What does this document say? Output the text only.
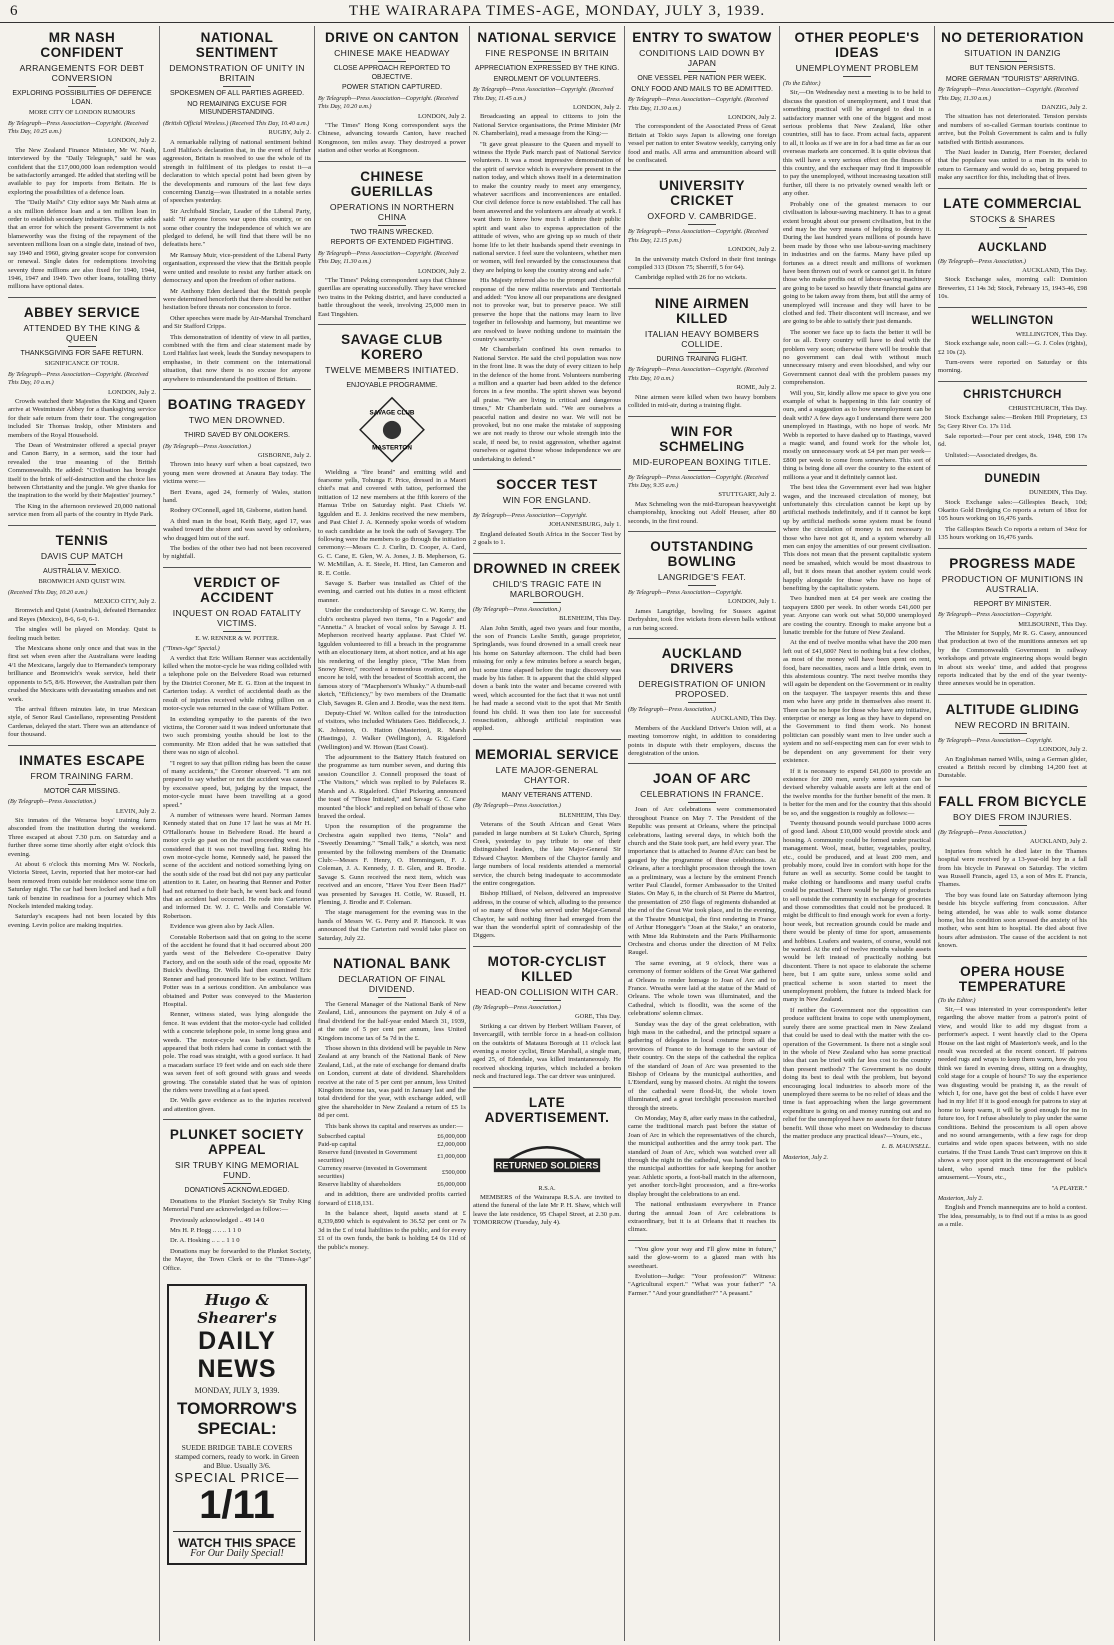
6	THE WAIRARAPA TIMES-AGE, MONDAY, JULY 3, 1939.
MR NASH CONFIDENT
ARRANGEMENTS FOR DEBT CONVERSION
EXPLORING POSSIBILITIES OF DEFENCE LOAN.
MORE CITY OF LONDON RUMOURS
By Telegraph—Press Association—Copyright. (Received This Day, 10.25 a.m.)
LONDON, July 2.

The New Zealand Finance Minister, Mr W. Nash, interviewed by the "Daily Telegraph," said he was confident that the £17,000,000 loan redemption would be satisfactorily arranged. He added that sterling will be available to pay for imports from Britain. He is exploring the possibilities of a defence loan.

The "Daily Mail's" City editor says Mr Nash aims at a six million defence loan and a ten million loan in order to establish secondary industries. The writer adds that an error for which the present Government is not blameworthy was the fixing of the repayment of the seventeen millions loan on a single date, instead of two, say 1940 and 1960, giving greater scope for conversion or renewal. Single dates for redemptions involving seventy three millions are also fixed for 1940, 1944, 1946, 1947 and 1949. Two other loans, totalling thirty millions have optional dates.

ABBEY SERVICE
ATTENDED BY THE KING & QUEEN
THANKSGIVING FOR SAFE RETURN.
SIGNIFICANCE OF TOUR.
By Telegraph—Press Association—Copyright. (Received This Day, 10 a.m.)
LONDON, July 2.

Crowds watched their Majesties the King and Queen arrive at Westminster Abbey for a thanksgiving service for their safe return from their tour. The congregation included Sir Thomas Inskip, other Ministers and members of the Royal Household.

The Dean of Westminster offered a special prayer and Canon Barry, in a sermon, said the tour had revealed the true meaning of the British Commonwealth. He added: "Civilisation has brought itself to the brink of self-destruction and the choice lies between Christianity and the jungle. We give thanks for the inspiration to the world by their Majesties' journey."

The King in the afternoon reviewed 20,000 national service men from all parts of the country in Hyde Park.

TENNIS
DAVIS CUP MATCH
AUSTRALIA V. MEXICO.
BROMWICH AND QUIST WIN.
(Received This Day, 10.20 a.m.)
MEXICO CITY, July 2.

Bromwich and Quist (Australia), defeated Hernandez and Reyes (Mexico), 8-6, 6-0, 6-1.

The singles will be played on Monday. Quist is feeling much better.

The Mexicans shone only once and that was in the first set when even after the Australians were leading 4/1 the Mexicans, largely due to Hernandez's temporary brilliance and Bromwich's weak service, held their opponents to 5/5, 8/6. However, the Australian pair then crushed the Mexicans with devastating smashes and net work.

The arrival fifteen minutes late, in true Mexican style, of Senor Raul Castellano, representing President Cardenas, delayed the start. There was an attendance of four thousand.

INMATES ESCAPE
FROM TRAINING FARM.
MOTOR CAR MISSING.
(By Telegraph—Press Association.)
LEVIN, July 2.

Six inmates of the Weraroa boys' training farm absconded from the institution during the weekend. Three escaped at about 7.30 p.m. on Saturday and a further three some time shortly after eight o'clock this evening.

At about 6 o'clock this morning Mrs W. Nockels, Victoria Street, Levin, reported that her motor-car had been removed from outside her residence some time on Saturday night. The car had been locked and had a full tank of benzine in readiness for a journey which Mrs Nockels intended making today.

Saturday's escapees had not been located by this evening. Levin police are making inquiries.

NATIONAL SENTIMENT
DEMONSTRATION OF UNITY IN BRITAIN
SPOKESMEN OF ALL PARTIES AGREED.
NO REMAINING EXCUSE FOR MISUNDERSTANDING.
(British Official Wireless.) (Received This Day, 10.40 a.m.)
RUGBY, July 2.

A remarkable rallying of national sentiment behind Lord Halifax's declaration that, in the event of further aggression, Britain is resolved to use the whole of its strength in fulfilment of its pledges to resist it—a declaration to which special point had been given by the developments and rumours of the last few days concerning Danzig—was illustrated in a notable series of speeches yesterday.

Sir Archibald Sinclair, Leader of the Liberal Party, said: "If anyone forces war upon this country, or on some other country the independence of which we are pledged to defend, he will find that there will be no defeatists here."

Mr Ramsay Muir, vice-president of the Liberal Party organisation, expressed the view that the British people were united and resolute to resist any further attack on democracy and upon the freedom of other nations.

Mr Anthony Eden declared that the British people were determined henceforth that there should be neither hesitation before threats nor concession to force.

Other speeches were made by Air-Marshal Trenchard and Sir Stafford Cripps.

This demonstration of identity of view in all parties, combined with the firm and clear statement made by Lord Halifax last week, leads the Sunday newspapers to emphasise, in their comment on the international situation, that now there is no excuse for anyone anywhere to misunderstand the position of Britain.

BOATING TRAGEDY
TWO MEN DROWNED.
THIRD SAVED BY ONLOOKERS.
(By Telegraph—Press Association.)
GISBORNE, July 2.

Thrown into heavy surf when a boat capsized, two young men were drowned at Anaura Bay today. The victims were:—

Bert Evans, aged 24, formerly of Wales, station hand.

Rodney O'Connell, aged 18, Gisborne, station hand.

A third man in the boat, Keith Baty, aged 17, was washed toward the shore and was saved by onlookers, who dragged him out of the surf.

The bodies of the other two had not been recovered by nightfall.

VERDICT OF ACCIDENT
INQUEST ON ROAD FATALITY VICTIMS.
E. W. RENNER & W. POTTER.
("Times-Age" Special.)

A verdict that Eric William Renner was accidentally killed when the motor-cycle he was riding collided with a telephone pole on the Belvedere Road was returned by the District Coroner, Mr E. G. Eton at the inquest in Carterton today. A verdict of accidental death as the result of injuries received while riding pillion on a motor-cycle was returned in the case of William Potter.

In extending sympathy to the parents of the two victims, the Coroner said it was indeed unfortunate that two such promising youths should be lost to the community. Mr Eton added that he was satisfied that there was no sign of alcohol.

"I regret to say that pillion riding has been the cause of many accidents," the Coroner observed. "I am not prepared to say whether or not the accident was caused by excessive speed, but, judging by the impact, the motor-cycle must have been travelling at a good speed."

A number of witnesses were heard. Norman James Kennedy stated that on June 17 last he was at Mr H. O'Halloran's house in Belvedere Road. He heard a motor cycle go past on the road proceeding west. He considered that it was not travelling fast. Riding his own motor-cycle home, Kennedy said, he passed the scene of the accident and noticed something lying on the south side of the road but did not pay any particular attention to it. Later, on hearing that Renner and Potter had not returned to their bach, he went back and found that an accident had occurred. He rode into Carterton and informed Dr. W. J. C. Wells and Constable W. Robertson.

Evidence was given also by Jack Allen.

Constable Robertson said that on going to the scene of the accident he found that it had occurred about 200 yards west of the Belvedere Co-operative Dairy Factory, and on the south side of the road, opposite Mr Buick's dwelling. Dr. Wells had then examined Eric Renner and had pronounced life to be extinct. William Potter was in a serious condition. An ambulance was obtained and Potter was conveyed to the Masterton Hospital.

Renner, witness stated, was lying alongside the fence. It was evident that the motor-cycle had collided with a concrete telephone pole, in some long grass and weeds. The motor-cycle was badly damaged. It appeared that both riders had come in contact with the pole. The road was straight, with a good surface. It had a macadam surface 19 feet wide and on each side there was seven feet of soft ground with grass and weeds growing. The constable stated that he was of opinion the riders were travelling at a fast speed.

Dr. Wells gave evidence as to the injuries received and attention given.

PLUNKET SOCIETY APPEAL
SIR TRUBY KING MEMORIAL FUND.
DONATIONS ACKNOWLEDGED.

Donations to the Plunket Society's Sir Truby King Memorial Fund are acknowledged as follow:—

Previously acknowledged .. 49 14 0

Mrs H. P. Hogg .. .. .. 1 1 0

Dr. A. Hosking .. .. .. 1 1 0

Donations may be forwarded to the Plunket Society, the Mayor, the Town Clerk or to the "Times-Age" Office.

Hugo & Shearer's
DAILY NEWS
MONDAY, JULY 3, 1939.
TOMORROW'S SPECIAL:
SUEDE BRIDGE TABLE COVERS stamped corners, ready to work. in Green and Blue. Usually 3/6.
SPECIAL PRICE—
1/11
WATCH THIS SPACE
For Our Daily Special!
DRIVE ON CANTON
CHINESE MAKE HEADWAY
CLOSE APPROACH REPORTED TO OBJECTIVE.
POWER STATION CAPTURED.
By Telegraph—Press Association—Copyright. (Received This Day, 10.20 a.m.)
LONDON, July 2.

"The Times" Hong Kong correspondent says the Chinese, advancing towards Canton, have reached Kongmoon, ten miles away. They destroyed a power station and other works at Kongmoon.

CHINESE GUERILLAS
OPERATIONS IN NORTHERN CHINA
TWO TRAINS WRECKED.
REPORTS OF EXTENDED FIGHTING.
By Telegraph—Press Association—Copyright. (Received This Day, 11.30 a.m.)
LONDON, July 2.

"The Times" Peking correspondent says that Chinese guerillas are operating successfully. They have wrecked two trains in the Peking district, and have conducted a battle throughout the week, involving 25,000 men in East Tingshien.

SAVAGE CLUB KORERO
TWELVE MEMBERS INITIATED.
ENJOYABLE PROGRAMME.
SAVAGE CLUB
MASTERTON

Wielding a "fire brand" and emitting wild and fearsome yells, Tohunga F. Price, dressed in a Maori chief's mat and covered with tattoo, performed the initiation of 12 new members at the fifth korero of the Hamua Tribe on Saturday night. Past Chiefs W. Iggulden and E. J. Jenkins received the new members, and Past Chief J. A. Kennedy spoke words of wisdom to each candidate as he took the oath of Savagery. The following were the members to go through the initiation ceremony:—Messrs C. J. Curlin, D. Cooper, A. Card, G. C. Cane, E. Glen, W. A. Jones, J. B. Mepherson, G. W. McMillan, A. E. Steele, H. Hirst, Ian Cameron and R. E. Cottle.

Savage S. Barber was installed as Chief of the evening, and carried out his duties in a most efficient manner.

Under the conductorship of Savage C. W. Kerry, the club's orchestra played two items, "In a Pagoda" and "Annetta." A bracket of vocal solos by Savage J. H. Mepherson received hearty applause. Past Chief W. Iggulden volunteered to fill a breach in the programme with an elocutionary item, at short notice, and at his age his rendering of the lengthy piece, "The Man from Snowy River," received a tremendous ovation, and an encore he told, with the broadest of Scottish accent, the famous story of "Macpherson's Whusky." A thumb-nail sketch, "Efficiency," by two members of the Dramatic Club, Savages R. Glen and J. Brodie, was the next item.

Deputy-Chief W. Wilton called for the introduction of visitors, who included Whitaters Geo. Biddlecock, J. K. Johnston, O. Hatton (Masterton), R. Marsh (Hastings), J. Walker (Wellington), A. Rigaleford (Wellington) and W. Howan (East Coast).

The adjournment to the Battery Hatch featured on the programme as turn number seven, and during this session Councillor J. Connell proposed the toast of "The Visitors," which was replied to by Palefaces R. Marsh and A. Rigaleford. Chief Pickering announced the toast of "Those Initiated," and Savage G. C. Cane mounted "the block" and replied on behalf of those who braved the ordeal.

Upon the resumption of the programme the Orchestra again supplied two items, "Nola" and "Sweetly Dreaming." "Small Talk," a sketch, was next presented by the following members of the Dramatic Club:—Messrs F. Henry, O. Hemmingsen, F. J. Coleman, J. A. Kennedy, J. E. Glen, and R. Brodie. Savage S. Gunn received the next item, which was received and an encore, "Have You Ever Been Had?" was presented by Savages H. Cottle, W. Russell, H. Fleming, J. Brodie and F. Coleman.

The stage management for the evening was in the hands of Messrs W. G. Perry and P. Hancock. It was announced that the Carterton raid would take place on Saturday, July 22.

NATIONAL BANK
DECLARATION OF FINAL DIVIDEND.

The General Manager of the National Bank of New Zealand, Ltd., announces the payment on July 4 of a final dividend for the half-year ended March 31, 1939, at the rate of 5 per cent per annum, less United Kingdom income tax of 5s 7d in the £.

Those shown in this dividend will be payable in New Zealand at any branch of the National Bank of New Zealand, Ltd., at the rate of exchange for demand drafts on London, current at date of dividend. Shareholders receive at the rate of 5 per cent per annum, less United Kingdom income tax, was paid in January last and the total dividend for the year, with exchange added, will give the shareholder in New Zealand a return of £5 1s 8d per cent.

This bank shows its capital and reserves as under:—

Subscribed capital	£6,000,000
Paid-up capital	£2,000,000
Reserve fund (invested in Government securities)	£1,000,000
Currency reserve (invested in Government securities)	£500,000
Reserve liability of shareholders	£6,000,000

and in addition, there are undivided profits carried forward of £118,131.

In the balance sheet, liquid assets stand at £ 8,339,890 which is equivalent to 36.52 per cent or 7s 3d in the £ of total liabilities to the public, and for every £1 of its own funds, the bank is holding £4 0s 11d of the public's money.

NATIONAL SERVICE
FINE RESPONSE IN BRITAIN
APPRECIATION EXPRESSED BY THE KING.
ENROLMENT OF VOLUNTEERS.
By Telegraph—Press Association—Copyright. (Received This Day, 11.45 a.m.)
LONDON, July 2.

Broadcasting an appeal to citizens to join the National Service organisations, the Prime Minister (Mr N. Chamberlain), read a message from the King:—

"It gave great pleasure to the Queen and myself to witness the Hyde Park march past of National Service volunteers. It was a most impressive demonstration of the spirit of service which is everywhere present in the nation today, and which shows itself in a determination to make the country ready to meet any emergency, whatever sacrifices and inconveniences are entailed. Our civil defence force is now established. The call has been answered and the volunteers are already at work. I want them to know how much I admire their public spirit and want also to express appreciation of the attitude of wives, who are giving up so much of their home life to let their husbands spend their evenings in national service. I feel sure the volunteers, whether men or women, will feel rewarded by the consciousness that they are helping to keep the country strong and safe."

His Majesty referred also to the prompt and cheerful response of the new militia reservists and Territorials and added: "You know all our preparations are designed not to provoke war, but to preserve peace. We still preserve the hope that the nations may learn to live together in fellowship and harmony, but meantime we are resolved to leave nothing undone to maintain the country's security."

Mr Chamberlain confined his own remarks to National Service. He said the civil population was now in the front line. It was the duty of every citizen to help in the defence of the home front. Volunteers numbering a million and a quarter had been added to the defence forces in a few months. The spirit shown was beyond all praise. "We are living in critical and dangerous times," Mr Chamberlain said. "We are ourselves a peaceful nation and desire no war. We will not be provoked, but no one make the mistake of supposing we are not ready to throw our whole strength into the scale, if need be, to resist aggression, whether against ourselves or against those whose independence we are undertaking to defend."

SOCCER TEST
WIN FOR ENGLAND.
By Telegraph—Press Association—Copyright.
JOHANNESBURG, July 1.

England defeated South Africa in the Soccer Test by 2 goals to 1.

DROWNED IN CREEK
CHILD'S TRAGIC FATE IN MARLBOROUGH.
(By Telegraph—Press Association.)
BLENHEIM, This Day.

Alan John Smith, aged two years and four months, the son of Francis Leslie Smith, garage proprietor, Springlands, was found drowned in a small creek near his home on Saturday afternoon. The child had been missing for only a few minutes before a search began, but some time elapsed before the tragic discovery was made by his father. It is apparent that the child slipped down a bank into the water and became covered with weed, which accounted for the fact that it was not until he had made a second visit to the spot that Mr Smith found his child. It was then too late for successful resuscitation, although artificial respiration was applied.

MEMORIAL SERVICE
LATE MAJOR-GENERAL CHAYTOR.
MANY VETERANS ATTEND.
(By Telegraph—Press Association.)
BLENHEIM, This Day.

Veterans of the South African and Great Wars paraded in large numbers at St Luke's Church, Spring Creek, yesterday to pay tribute to one of their distinguished leaders, the late Major-General Sir Edward Chaytor. Members of the Chaytor family and large numbers of local residents attended a memorial service, the church being inadequate to accommodate the entire congregation.

Bishop Hilliard, of Nelson, delivered an impressive address, in the course of which, alluding to the presence of so many of those who served under Major-General Chaytor, he said nothing finer had emerged from the war than the wonderful spirit of comradeship of the Diggers.

MOTOR-CYCLIST KILLED
HEAD-ON COLLISION WITH CAR.
(By Telegraph—Press Association.)
GORE, This Day.

Striking a car driven by Herbert William Feaver, of Invercargill, with terrible force in a head-on collision on the outskirts of Mataura Borough at 11 o'clock last evening a motor cyclist, Bruce Marshall, a single man, aged 25, of Edendale, was killed instantaneously. He received shocking injuries, which included a broken neck and fractured legs. The car driver was uninjured.

LATE ADVERTISEMENT.
RETURNED SOLDIERS
R.S.A.

MEMBERS of the Wairarapa R.S.A. are invited to attend the funeral of the late Mr P. H. Shaw, which will leave the late residence, 95 Chapel Street, at 2.30 p.m. TOMORROW (Tuesday, July 4).

ENTRY TO SWATOW
CONDITIONS LAID DOWN BY JAPAN
ONE VESSEL PER NATION PER WEEK.
ONLY FOOD AND MAILS TO BE ADMITTED.
By Telegraph—Press Association—Copyright. (Received This Day, 11.30 a.m.)
LONDON, July 2.

The correspondent of the Associated Press of Great Britain at Tokio says Japan is allowing one foreign vessel per nation to enter Swatow weekly, carrying only food and mails. All arms and ammunition aboard will be confiscated.

UNIVERSITY CRICKET
OXFORD V. CAMBRIDGE.
By Telegraph—Press Association—Copyright. (Received This Day, 12.15 p.m.)
LONDON, July 2.

In the university match Oxford in their first innings compiled 313 (Dixon 75; Sherriff, 5 for 64).

Cambridge replied with 26 for no wickets.

NINE AIRMEN KILLED
ITALIAN HEAVY BOMBERS COLLIDE.
DURING TRAINING FLIGHT.
By Telegraph—Press Association—Copyright. (Received This Day, 10 a.m.)
ROME, July 2.

Nine airmen were killed when two heavy bombers collided in mid-air, during a training flight.

WIN FOR SCHMELING
MID-EUROPEAN BOXING TITLE.
By Telegraph—Press Association—Copyright. (Received This Day, 9.35 a.m.)
STUTTGART, July 2.

Max Schmeling won the mid-European heavyweight championship, knocking out Adolf Heuser, after 80 seconds, in the first round.

OUTSTANDING BOWLING
LANGRIDGE'S FEAT.
By Telegraph—Press Association—Copyright.
LONDON, July 1.

James Langridge, bowling for Sussex against Derbyshire, took five wickets from eleven balls without a run being scored.

AUCKLAND DRIVERS
DEREGISTRATION OF UNION PROPOSED.
(By Telegraph—Press Association.)
AUCKLAND, This Day.

Members of the Auckland Driver's Union will, at a meeting tomorrow night, in addition to considering points in dispute with their employers, discuss the deregistration of the union.

JOAN OF ARC
CELEBRATIONS IN FRANCE.

Joan of Arc celebrations were commemorated throughout France on May 7. The President of the Republic was present at Orleans, where the principal celebrations, lasting several days, in which both the church and the State took part, are held every year. The importance that is attached to Jeanne d'Arc can best be gauged by the programme of these celebrations. At Orleans, after a torchlight procession through the town as a preliminary, was a lecture by the eminent French writer Paul Claudel, former Ambassador to the United States. On May 6, in the church of St Pierre du Martroi, the presentation of 250 flags of regiments disbanded at the end of the Great War took place, and in the evening, at the Theatre Municipal, the first rendering in France of Arthur Honegger's "Joan at the Stake," an oratorio, with Mme Ida Rubinstein and the Paris Philharmonic Orchestra and chorus under the direction of M Felix Raugel.

The same evening, at 9 o'clock, there was a ceremony of former soldiers of the Great War gathered at Orleans to render homage to Joan of Arc and to France. Wreaths were laid at the statue of the Maid of Orleans. The whole town was illuminated, and the Cathedral, which is floodlit, was the scene of the celebrations' solemn climax.

Sunday was the day of the great celebration, with high mass in the cathedral, and the principal square a gathering of delegates in local costume from all the provinces of France to do homage to the saviour of their country. On the steps of the cathedral the replica of the standard of Joan of Arc was presented to the Bishop of Orleans by the municipal authorities, and L'Etendard, sung by massed choirs. At night the towers of the cathedral were flood-lit, the whole town illuminated, and a great torchlight procession marched through the streets.

On Monday, May 8, after early mass in the cathedral, came the traditional march past before the statue of Joan of Arc in which the representatives of the church, the municipal authorities and the army took part. The standard of Joan of Arc, which was watched over all through the night in the cathedral, was handed back to the municipal authorities for safe keeping for another year. Athletic sports, a foot-ball match in the afternoon, yet another torch-light procession, and a fire-works display brought the celebrations to an end.

The national enthusiasm everywhere in France during the annual Joan of Arc celebrations is extraordinary, but it is at Orleans that it reaches its climax.

"You glow your way and I'll glow mine in future," said the glow-worm to a glazed man with his sweetheart.

Evolution—Judge: "Your profession?" Witness: "Agricultural expert." "What was your father?" "A Farmer." "And your grandfather?" "A peasant."

OTHER PEOPLE'S IDEAS
UNEMPLOYMENT PROBLEM
(To the Editor.)

Sir,—On Wednesday next a meeting is to be held to discuss the question of unemployment, and I trust that something practical will be arranged to deal in a satisfactory manner with one of the biggest and most serious problems that New Zealand, like other countries, still has to face. From actual facts, apparent to all, it looks as if we are in for a bad time as far as our overseas markets are concerned. It is quite obvious that this will have a very serious effect on the finances of this country, and the exchequer may find it impossible to pay the unemployed, without increasing taxation still further, till there is no privately owned wealth left or any other.

Probably one of the greatest menaces to our civilisation is labour-saving machinery. It has to a great extent brought about our present civilisation, but in the end may be the very means of helping to destroy it. During the last hundred years millions of pounds have been made by those who use labour-saving machinery in industries and on the farms. Many have piled up fortunes as a direct result and millions of workmen have been thrown out of work or cannot get it. In future those who make profits out of labour-saving machinery are going to be taxed so heavily their financial gains are going to be taken away from them, but still the army of unemployed will increase and they will have to be clothed and fed. Their discontent will increase, and we are going to be able to satisfy their just demands.

The sooner we face up to facts the better it will be for us all. Every country will have to deal with the problem very soon; otherwise there will be trouble that no government can deal with without much unnecessary misery and even bloodshed, and why our Government cannot deal with the problem passes my comprehension.

Will you, Sir, kindly allow me space to give you one example of what is happening in this fair country of ours, and a suggestion as to how unemployment can be dealt with? A few days ago I understand there were 200 unemployed in Hastings, with no hope of work. Mr Webb is reported to have dashed up to Hastings, waved a magic wand, and found work for the whole lot, mostly on unnecessary work at £4 per man per week—£800 per week to come from somewhere. This sort of thing is being done all over the country to the extent of millions a year and it definitely cannot last.

The best idea the Government ever had was higher wages, and the increased circulation of money, but unfortunately this circulation cannot be kept up by artificial methods indefinitely, and if it cannot be kept up by artificial methods some system must be found where the circulation of money is not necessary to those who have not got it, and a system whereby all men can enjoy the amenities of our present civilisation. This does not mean that the present capitalistic system need be smashed, which would be most disastrous to all, but it does mean that another system could work happily alongside for those who have no hope of benefiting by the capitalistic system.

Two hundred men at £4 per week are costing the taxpayers £800 per week. In other words £41,600 per year. Anyone can work out what 50,000 unemployed are costing the country. Enough to make anyone but a lunatic tremble for the future of New Zealand.

At the end of twelve months what have the 200 men left out of £41,600? Next to nothing but a few clothes, as most of the money will have been spent on rent, food, bare necessities, races and a little drink, even in this abstemious country. The next twelve months they will again be dependent on the Government or in reality on the taxpayer. The taxpayer resents this and these men who have any pride in themselves also resent it. There can be no hope for those who have any initiative, enterprise or energy as long as they have to depend on the Government to find them work. No honest politician can possibly want men to live under such a system and no self-respecting men can for ever wish to be dependent on any government for their very existence.

If it is necessary to expend £41,600 to provide an existence for 200 men, surely some system can be devised whereby valuable assets are left at the end of the twelve months for the further benefit of the men. It is better for the men and for the country that this should be so, and the suggestion is roughly as follows:—

Twenty thousand pounds would purchase 1000 acres of good land. About £10,000 would provide stock and housing. A community could be formed under practical management. Wool, meat, butter, vegetables, poultry, etc., could be produced, and at least 200 men, and probably more, could live in comfort with hope for the future as well as security. Some could be taught to make clothing or handlooms and many useful crafts could be practised. There would be plenty of products to sell outside the community in exchange for groceries and those commodities that could not be produced. It might be difficult to find enough work for even a forty-hour week, but recreation grounds could be made and there would be plenty of time for sport, amusements and hobbies. Loafers and wasters, of course, would not be wanted. At the end of twelve months valuable assets would be left instead of practically nothing but discontent. There is not space to elaborate the scheme here, but I am quite sure, unless some solid and practical scheme is soon started to meet the unemployment problem, the future is indeed black for many in New Zealand.

If neither the Government nor the opposition can produce sufficient brains to cope with unemployment, surely there are some practical men in New Zealand that could be used to deal with the matter with the co-operation of the Government. Is there not a single soul in the whole of New Zealand who has some practical idea that can be tried with far less cost to the country than present methods? The Government is no doubt doing its best to deal with the problem, but beyond encouraging local industries to absorb more of the unemployed there seems to be no relief of ideas and the time is fast approaching when the large government expenditure is going on and money running out and no relief for the unemployed have no assets for their future benefit. Will those who meet on Wednesday to discuss the matter produce any practical ideas?—Yours, etc.,

L. B. MAUNSELL.
Masterton, July 2.
NO DETERIORATION
SITUATION IN DANZIG
BUT TENSION PERSISTS.
MORE GERMAN "TOURISTS" ARRIVING.
By Telegraph—Press Association—Copyright. (Received This Day, 11.30 a.m.)
DANZIG, July 2.

The situation has not deteriorated. Tension persists and numbers of so-called German tourists continue to arrive, but the Polish Government is calm and is fully satisfied with British assurances.

The Nazi leader in Danzig, Herr Foerster, declared that the populace was united to a man in its wish to return to Germany and would do so, being prepared to make any sacrifice for this, including that of lives.

LATE COMMERCIAL
STOCKS & SHARES
AUCKLAND
(By Telegraph—Press Association.)
AUCKLAND, This Day.

Stock Exchange sales, morning call: Dominion Breweries, £1 14s 3d; Stock, February 15, 1943-46, £98 10s.

WELLINGTON
WELLINGTON, This Day.

Stock exchange sale, noon call:—G. J. Coles (rights), £2 10s (2).

Turn-overs were reported on Saturday or this morning.

CHRISTCHURCH
CHRISTCHURCH, This Day.

Stock Exchange sales:—Broken Hill Proprietary, £3 5s; Grey River Co. 17s 11d.

Sale reported:—Four per cent stock, 1948, £98 17s 6d.

Unlisted:—Associated dredges, 8s.

DUNEDIN
DUNEDIN, This Day.

Stock Exchange sales:—Gillespies Beach, 10d; Okarito Gold Dredging Co reports a return of 18oz for 105 hours working on 16,476 yards.

The Gillespies Beach Co reports a return of 34oz for 135 hours working on 16,476 yards.

PROGRESS MADE
PRODUCTION OF MUNITIONS IN AUSTRALIA.
REPORT BY MINISTER.
By Telegraph—Press Association—Copyright.
MELBOURNE, This Day.

The Minister for Supply, Mr R. G. Casey, announced that production at two of the munitions annexes set up by the Commonwealth Government in railway workshops and private engineering shops would begin in about six weeks' time, and added that progress reports indicated that by the end of the year twenty-three annexes would be in operation.

ALTITUDE GLIDING
NEW RECORD IN BRITAIN.
By Telegraph—Press Association—Copyright.
LONDON, July 2.

An Englishman named Wills, using a German glider, created a British record by climbing 14,200 feet at Dunstable.

FALL FROM BICYCLE
BOY DIES FROM INJURIES.
(By Telegraph—Press Association.)
AUCKLAND, July 2.

Injuries from which he died later in the Thames hospital were received by a 13-year-old boy in a fall from his bicycle in Parawai on Saturday. The victim was Russell Francis, aged 13, a son of Mrs E. Francis, Thames.

The boy was found late on Saturday afternoon lying beside his bicycle suffering from concussion. After being attended, he was able to walk some distance home, but his condition soon aroused the anxiety of his mother, who sent him to hospital. He died about five hours after admission. The cause of the accident is not known.

OPERA HOUSE TEMPERATURE
(To the Editor.)

Sir,—I was interested in your correspondent's letter regarding the above matter from a patron's point of view, and would like to add my disgust from a performer's aspect. I went heavily clad to the Opera House on the last night of Masterton's week, and lo the result was recorded at the recent concert. If patrons needed rugs and wraps to keep them warm, how do you think we fared in evening dress, sitting on a draughty, cold stage for a couple of hours? To say the experience was disgusting would be praising it, as the result of which I, for one, have got the best of colds I have ever had in my life! If it is good enough for patrons to stay at home to keep warm, it will be good enough for me in future too, for I refuse absolutely to play under the same conditions. Behind the proscenium is all open above and no sound arrangements, with a few rags for drop curtains and wide open spaces between, with no side curtains. If the Trust Lands Trust can't improve on this it shows a very poor spirit in the encouragement of local talent, who spend much time for the public's amusement.—Yours, etc.,

"A PLAYER."
Masterton, July 2.

English and French mannequins are to hold a contest. The idea, presumably, is to find out if a miss is as good as a mile.
